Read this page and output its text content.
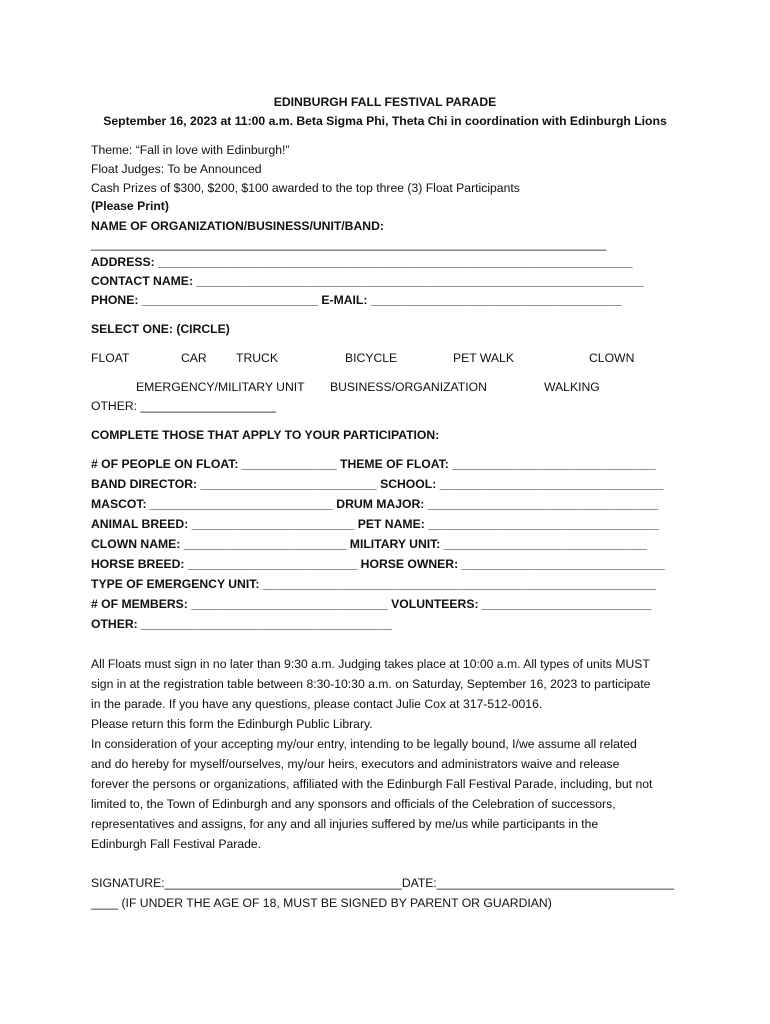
EDINBURGH FALL FESTIVAL PARADE
September 16, 2023 at 11:00 a.m. Beta Sigma Phi, Theta Chi in coordination with Edinburgh Lions
Theme: “Fall in love with Edinburgh!”
Float Judges: To be Announced
Cash Prizes of $300, $200, $100 awarded to the top three (3) Float Participants
(Please Print)
NAME OF ORGANIZATION/BUSINESS/UNIT/BAND:
____________________________________________________________________________
ADDRESS: ______________________________________________________________________
CONTACT NAME: __________________________________________________________________
PHONE: __________________________ E-MAIL: _____________________________________
SELECT ONE: (CIRCLE)
FLOAT	CAR TRUCK	BICYCLE	PET WALK	CLOWN
EMERGENCY/MILITARY UNIT BUSINESS/ORGANIZATION	WALKING
OTHER: ____________________
COMPLETE THOSE THAT APPLY TO YOUR PARTICIPATION:
# OF PEOPLE ON FLOAT: ______________ THEME OF FLOAT: ______________________________
BAND DIRECTOR: __________________________ SCHOOL: _________________________________
MASCOT: ___________________________ DRUM MAJOR: __________________________________
ANIMAL BREED: ________________________ PET NAME: __________________________________
CLOWN NAME: ________________________ MILITARY UNIT: ______________________________
HORSE BREED: _________________________ HORSE OWNER: ______________________________
TYPE OF EMERGENCY UNIT: __________________________________________________________
# OF MEMBERS: _____________________________ VOLUNTEERS: _________________________
OTHER: _____________________________________
All Floats must sign in no later than 9:30 a.m. Judging takes place at 10:00 a.m. All types of units MUST
sign in at the registration table between 8:30-10:30 a.m. on Saturday, September 16, 2023 to participate
in the parade. If you have any questions, please contact Julie Cox at 317-512-0016.
Please return this form the Edinburgh Public Library.
In consideration of your accepting my/our entry, intending to be legally bound, I/we assume all related
and do hereby for myself/ourselves, my/our heirs, executors and administrators waive and release
forever the persons or organizations, affiliated with the Edinburgh Fall Festival Parade, including, but not
limited to, the Town of Edinburgh and any sponsors and officials of the Celebration of successors,
representatives and assigns, for any and all injuries suffered by me/us while participants in the
Edinburgh Fall Festival Parade.
SIGNATURE:___________________________________DATE:___________________________________
____ (IF UNDER THE AGE OF 18, MUST BE SIGNED BY PARENT OR GUARDIAN)
